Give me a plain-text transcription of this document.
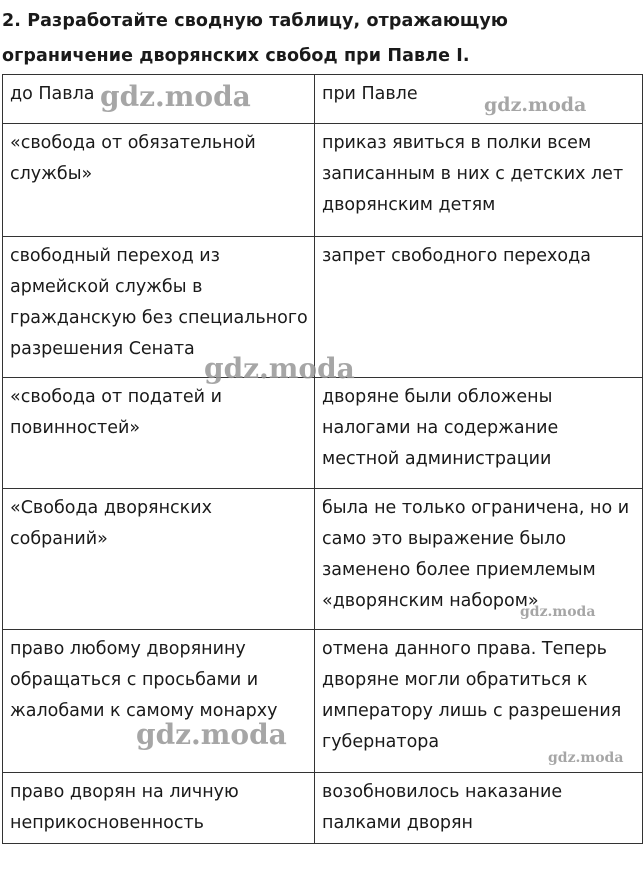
2. Разработайте сводную таблицу, отражающую ограничение дворянских свобод при Павле I.

до Павла	при Павле
«свобода от обязательной службы»	приказ явиться в полки всем записанным в них с детских лет дворянским детям
свободный переход из армейской службы в гражданскую без специального разрешения Сената	запрет свободного перехода
«свобода от податей и повинностей»	дворяне были обложены налогами на содержание местной администрации
«Свобода дворянских собраний»	была не только ограничена, но и само это выражение было заменено более приемлемым «дворянским набором»
право любому дворянину обращаться с просьбами и жалобами к самому монарху	отмена данного права. Теперь дворяне могли обратиться к императору лишь с разрешения губернатора
право дворян на личную неприкосновенность	возобновилось наказание палками дворян
gdz.moda	gdz.moda
gdz.moda
gdz.moda
gdz.moda
gdz.moda
